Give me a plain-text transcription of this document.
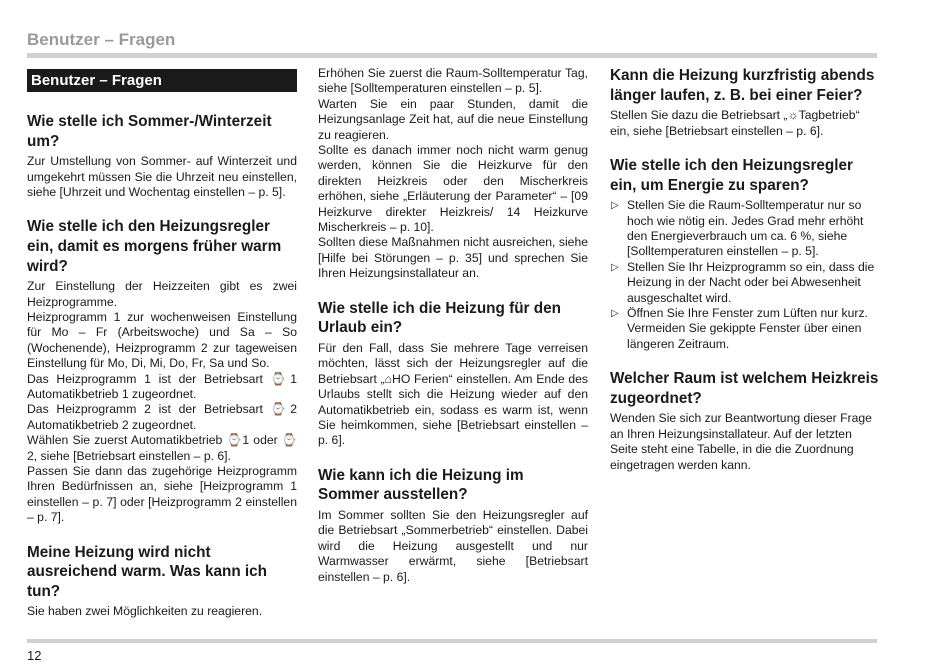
Benutzer – Fragen
Benutzer – Fragen
Wie stelle ich Sommer-/Winterzeit um?

Zur Umstellung von Sommer- auf Winterzeit und umgekehrt müssen Sie die Uhrzeit neu einstellen, siehe [Uhrzeit und Wochentag einstellen – p. 5].

Wie stelle ich den Heizungsregler ein, damit es morgens früher warm wird?

Zur Einstellung der Heizzeiten gibt es zwei Heizprogramme.

Heizprogramm 1 zur wochenweisen Einstellung für Mo – Fr (Arbeitswoche) und Sa – So (Wochenende), Heizprogramm 2 zur tageweisen Einstellung für Mo, Di, Mi, Do, Fr, Sa und So.

Das Heizprogramm 1 ist der Betriebsart ⌚1 Automatikbetrieb 1 zugeordnet.

Das Heizprogramm 2 ist der Betriebsart ⌚2 Automatikbetrieb 2 zugeordnet.

Wählen Sie zuerst Automatikbetrieb ⌚1 oder ⌚2, siehe [Betriebsart einstellen – p. 6].

Passen Sie dann das zugehörige Heizprogramm Ihren Bedürfnissen an, siehe [Heizprogramm 1 einstellen – p. 7] oder [Heizprogramm 2 einstellen – p. 7].

Meine Heizung wird nicht ausreichend warm. Was kann ich tun?

Sie haben zwei Möglichkeiten zu reagieren.

Erhöhen Sie zuerst die Raum-Solltemperatur Tag, siehe [Solltemperaturen einstellen – p. 5].

Warten Sie ein paar Stunden, damit die Heizungsanlage Zeit hat, auf die neue Einstellung zu reagieren.

Sollte es danach immer noch nicht warm genug werden, können Sie die Heizkurve für den direkten Heizkreis oder den Mischerkreis erhöhen, siehe „Erläuterung der Parameter“ – [09 Heizkurve direkter Heizkreis/ 14 Heizkurve Mischerkreis – p. 10].

Sollten diese Maßnahmen nicht ausreichen, siehe [Hilfe bei Störungen – p. 35] und sprechen Sie Ihren Heizungsinstallateur an.

Wie stelle ich die Heizung für den Urlaub ein?

Für den Fall, dass Sie mehrere Tage verreisen möchten, lässt sich der Heizungsregler auf die Betriebsart „⌂HO Ferien“ einstellen. Am Ende des Urlaubs stellt sich die Heizung wieder auf den Automatikbetrieb ein, sodass es warm ist, wenn Sie heimkommen, siehe [Betriebsart einstellen – p. 6].

Wie kann ich die Heizung im Sommer ausstellen?

Im Sommer sollten Sie den Heizungsregler auf die Betriebsart „Sommerbetrieb“ einstellen. Dabei wird die Heizung ausgestellt und nur Warmwasser erwärmt, siehe [Betriebsart einstellen – p. 6].

Kann die Heizung kurzfristig abends länger laufen, z. B. bei einer Feier?

Stellen Sie dazu die Betriebsart „☼Tagbetrieb“ ein, siehe [Betriebsart einstellen – p. 6].

Wie stelle ich den Heizungsregler ein, um Energie zu sparen?
▷ Stellen Sie die Raum-Solltemperatur nur so hoch wie nötig ein. Jedes Grad mehr erhöht den Energieverbrauch um ca. 6 %, siehe [Solltemperaturen einstellen – p. 5].
▷ Stellen Sie Ihr Heizprogramm so ein, dass die Heizung in der Nacht oder bei Abwesenheit ausgeschaltet wird.
▷ Öffnen Sie Ihre Fenster zum Lüften nur kurz. Vermeiden Sie gekippte Fenster über einen längeren Zeitraum.
Welcher Raum ist welchem Heizkreis zugeordnet?

Wenden Sie sich zur Beantwortung dieser Frage an Ihren Heizungsinstallateur. Auf der letzten Seite steht eine Tabelle, in die die Zuordnung eingetragen werden kann.

12
